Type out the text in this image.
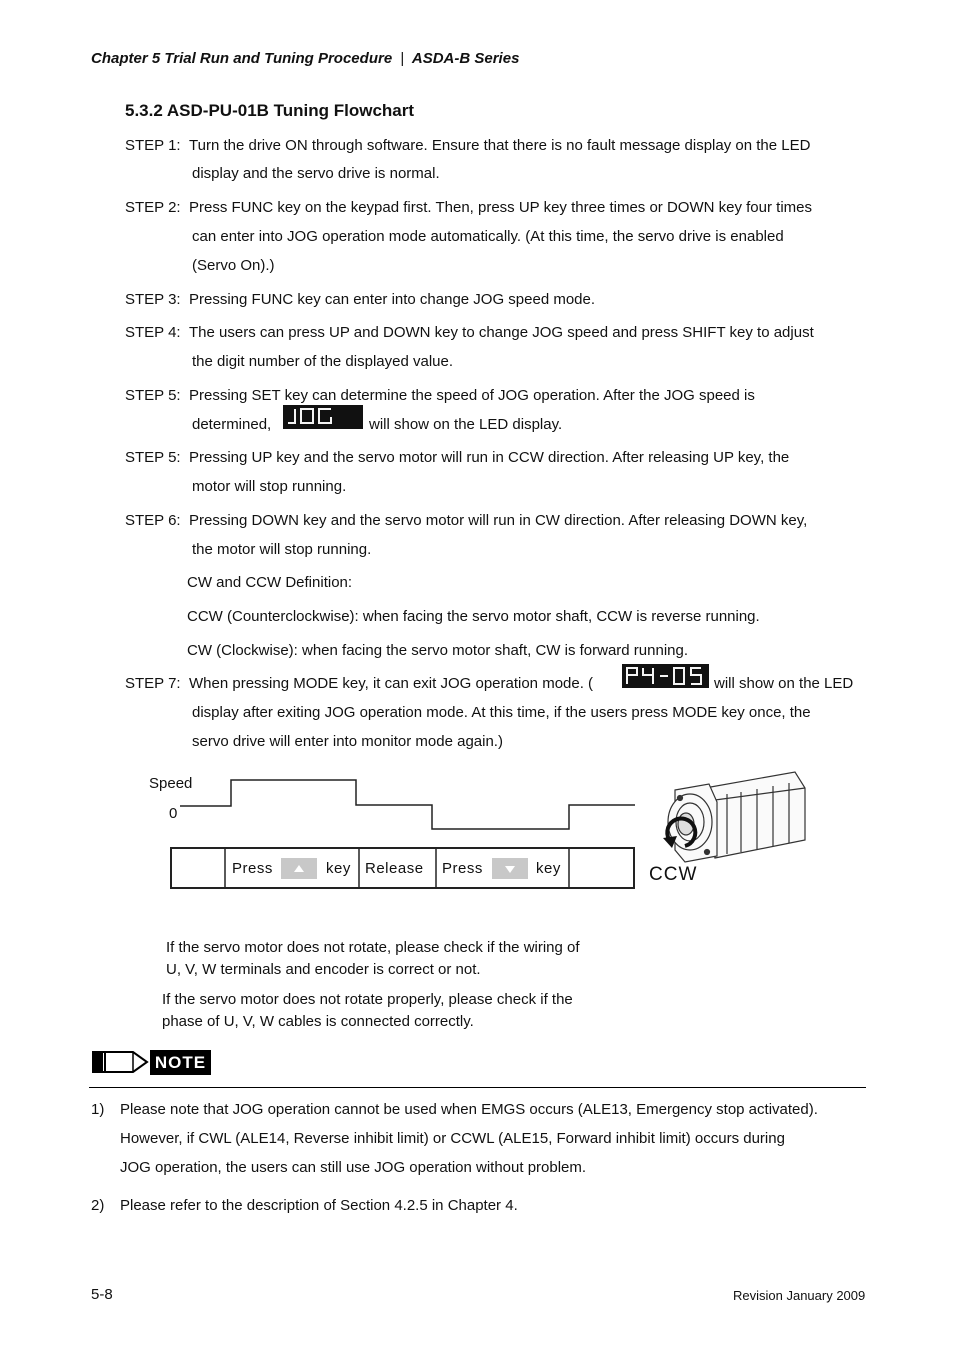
Chapter 5 Trial Run and Tuning Procedure | ASDA-B Series
5.3.2 ASD-PU-01B Tuning Flowchart
STEP 1: Turn the drive ON through software. Ensure that there is no fault message display on the LED
display and the servo drive is normal.
STEP 2: Press FUNC key on the keypad first. Then, press UP key three times or DOWN key four times
can enter into JOG operation mode automatically. (At this time, the servo drive is enabled
(Servo On).)
STEP 3: Pressing FUNC key can enter into change JOG speed mode.
STEP 4: The users can press UP and DOWN key to change JOG speed and press SHIFT key to adjust
the digit number of the displayed value.
STEP 5: Pressing SET key can determine the speed of JOG operation. After the JOG speed is
determined,	will show on the LED display.
STEP 5: Pressing UP key and the servo motor will run in CCW direction. After releasing UP key, the
motor will stop running.
STEP 6: Pressing DOWN key and the servo motor will run in CW direction. After releasing DOWN key,
the motor will stop running.
CW and CCW Definition:
CCW (Counterclockwise): when facing the servo motor shaft, CCW is reverse running.
CW (Clockwise): when facing the servo motor shaft, CW is forward running.
STEP 7: When pressing MODE key, it can exit JOG operation mode. (	will show on the LED
display after exiting JOG operation mode. At this time, if the users press MODE key once, the
servo drive will enter into monitor mode again.)
Speed
0
Press	key Release Press	key	CCW
If the servo motor does not rotate, please check if the wiring of
U, V, W terminals and encoder is correct or not.
If the servo motor does not rotate properly, please check if the
phase of U, V, W cables is connected correctly.
NOTE
1) Please note that JOG operation cannot be used when EMGS occurs (ALE13, Emergency stop activated).
However, if CWL (ALE14, Reverse inhibit limit) or CCWL (ALE15, Forward inhibit limit) occurs during
JOG operation, the users can still use JOG operation without problem.
2) Please refer to the description of Section 4.2.5 in Chapter 4.
5-8	Revision January 2009
